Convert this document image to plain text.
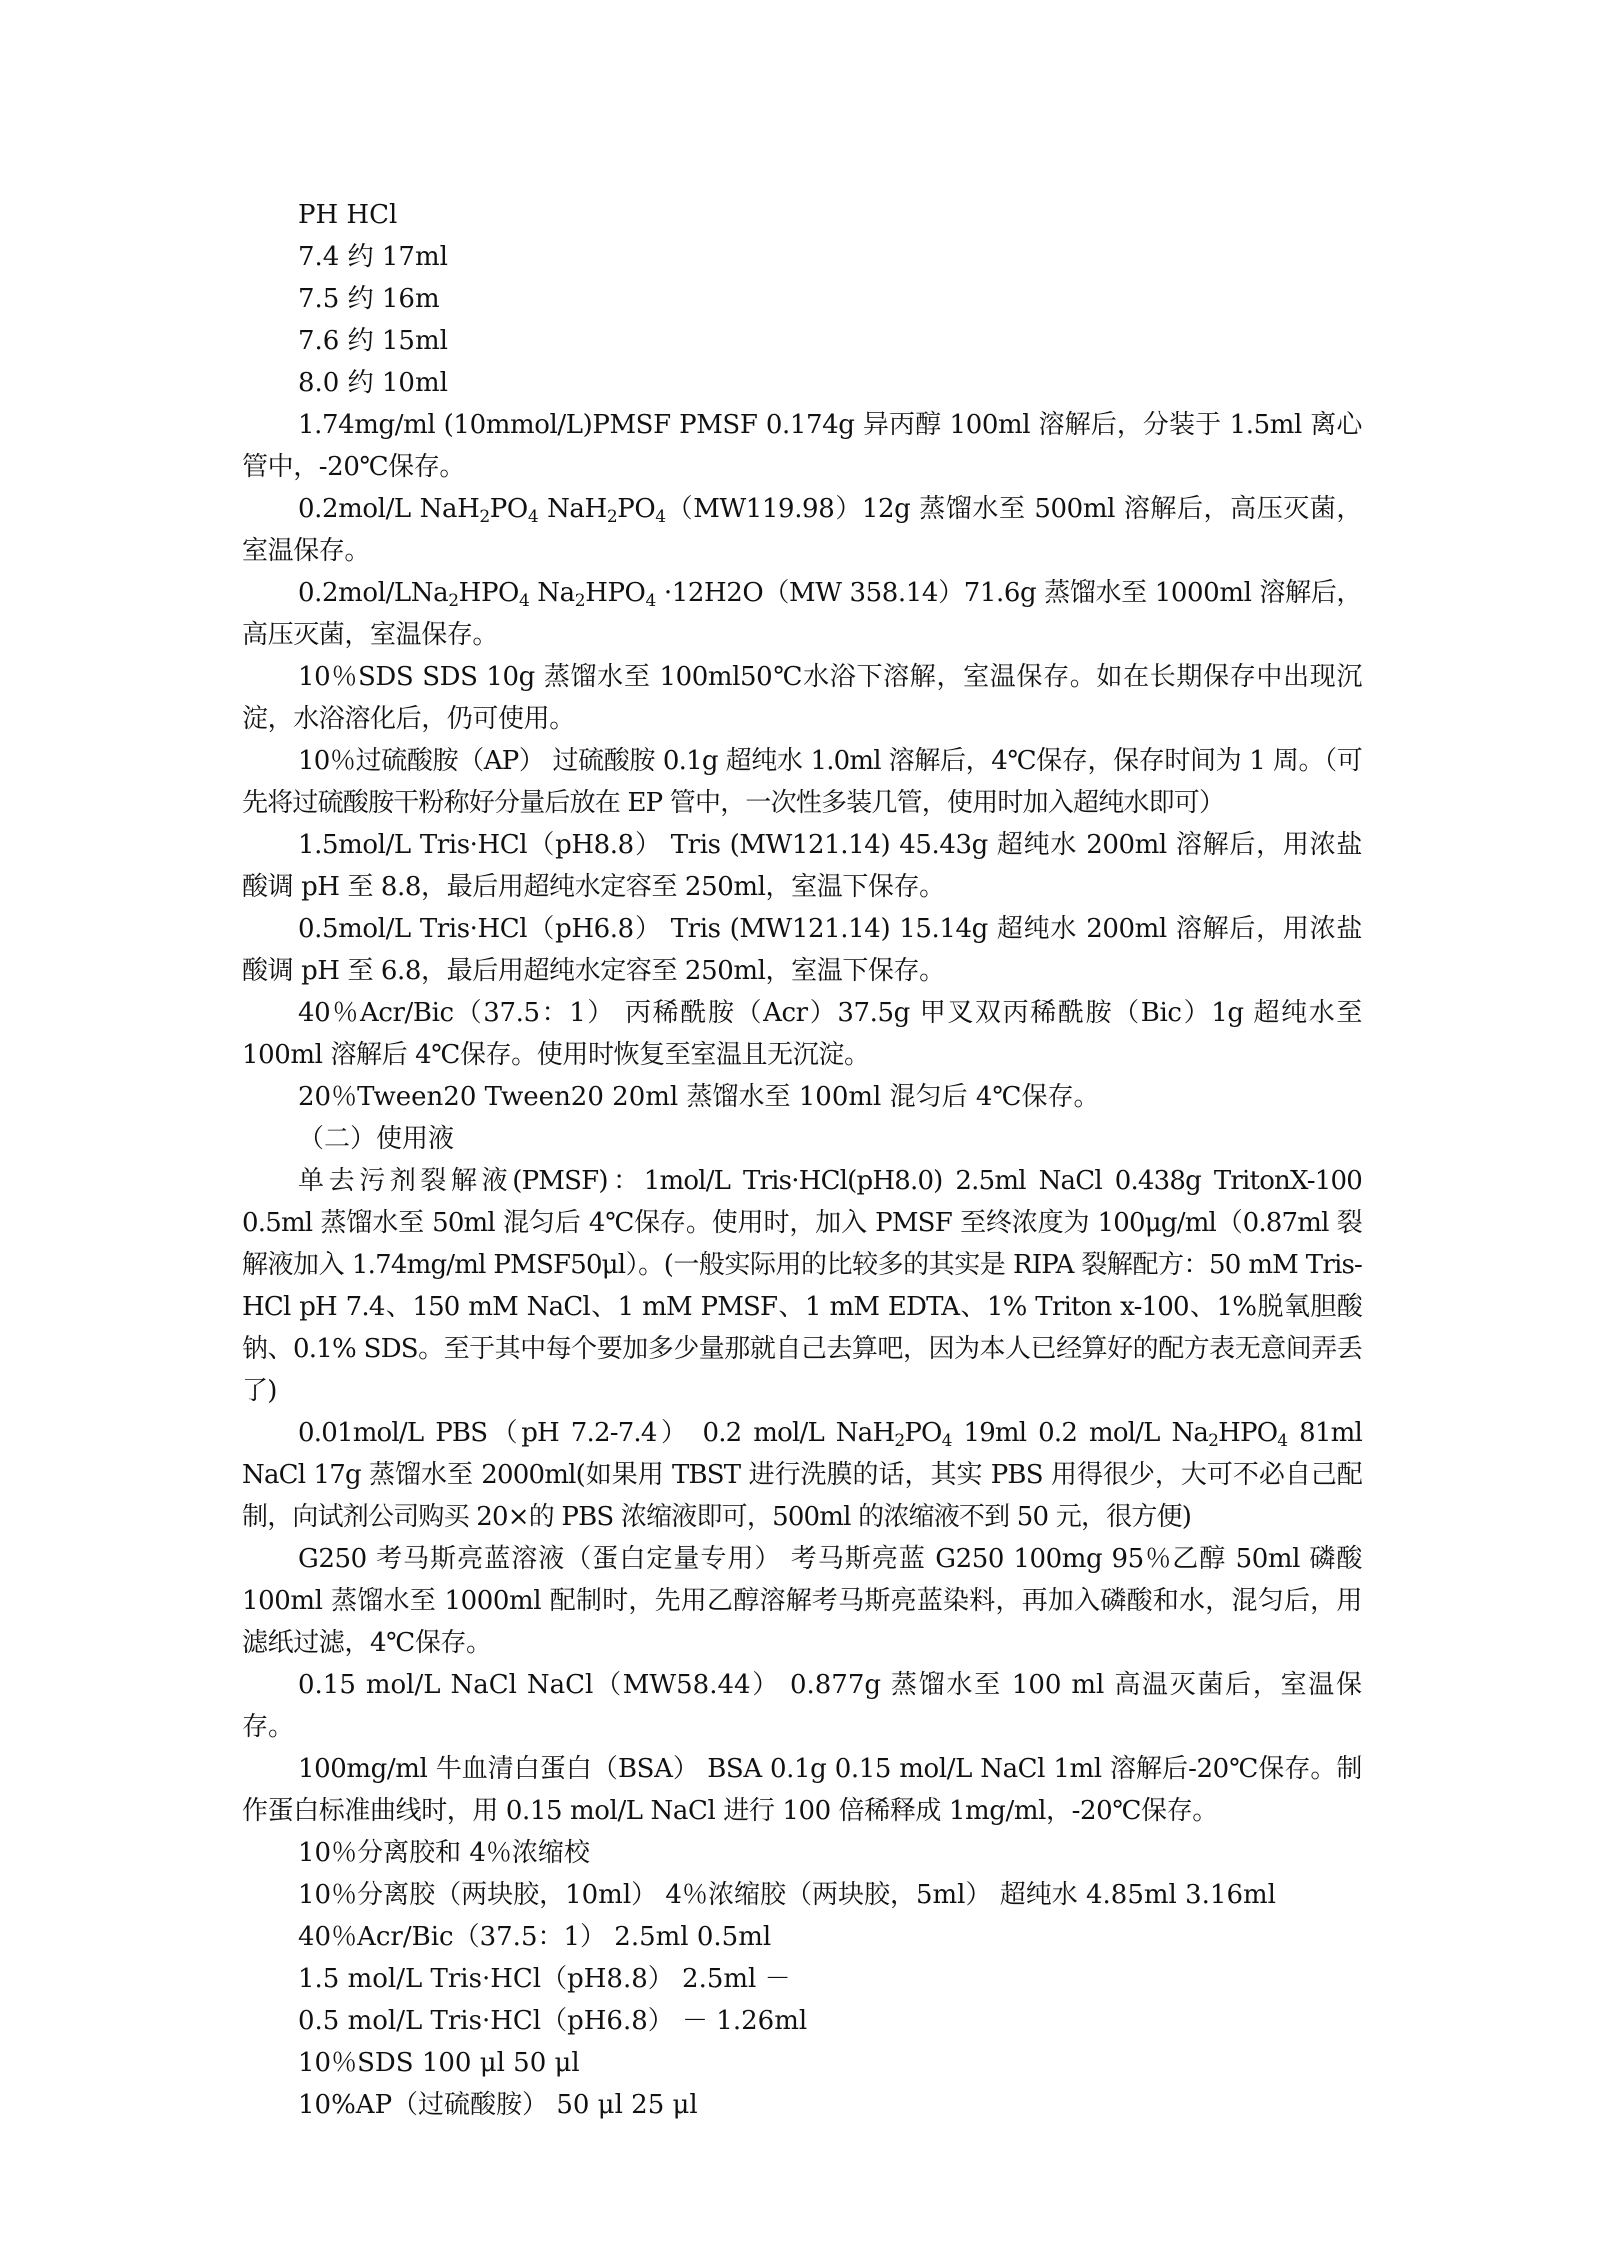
PH HCl

7.4 约 17ml

7.5 约 16m

7.6 约 15ml

8.0 约 10ml

1.74mg/ml (10mmol/L)PMSF PMSF 0.174g 异丙醇 100ml 溶解后，分装于 1.5ml 离心管中，-20℃保存。

0.2mol/L $NaH_2PO_4$ $NaH_2PO_4(MW119.98)12g$ 蒸馏水至 500ml 溶解后，高压灭菌，室温保存。

$0.2mol/LNa_2HPO_4$ $Na_2HPO_4 \cdot 12H2O(MW$ 358.14）71.6g 蒸馏水至 1000ml 溶解后，高压灭菌，室温保存。

10％SDS SDS 10g 蒸馏水至 100ml50℃水浴下溶解，室温保存。如在长期保存中出现沉淀，水浴溶化后，仍可使用。

10％过硫酸胺（AP） 过硫酸胺 0.1g 超纯水 1.0ml 溶解后，4℃保存，保存时间为 1 周。（可先将过硫酸胺干粉称好分量后放在 EP 管中，一次性多装几管，使用时加入超纯水即可）

1.5mol/L Tris·HCl（pH8.8） Tris (MW121.14) 45.43g 超纯水 200ml 溶解后，用浓盐酸调 pH 至 8.8，最后用超纯水定容至 250ml，室温下保存。

0.5mol/L Tris·HCl（pH6.8） Tris (MW121.14) 15.14g 超纯水 200ml 溶解后，用浓盐酸调 pH 至 6.8，最后用超纯水定容至 250ml，室温下保存。

40％Acr/Bic（37.5：1） 丙稀酰胺（Acr）37.5g 甲叉双丙稀酰胺（Bic）1g 超纯水至 100ml 溶解后 4℃保存。使用时恢复至室温且无沉淀。

20％Tween20 Tween20 20ml 蒸馏水至 100ml 混匀后 4℃保存。

（二）使用液

单去污剂裂解液(PMSF)：1mol/L Tris·HCl(pH8.0) 2.5ml NaCl 0.438g TritonX-100 0.5ml 蒸馏水至 50ml 混匀后 4℃保存。使用时，加入 PMSF 至终浓度为 100μg/ml（0.87ml 裂解液加入 1.74mg/ml PMSF50μl）。(一般实际用的比较多的其实是 RIPA 裂解配方：50 mM Tris-HCl pH 7.4、150 mM NaCl、1 mM PMSF、1 mM EDTA、1% Triton x-100、1%脱氧胆酸钠、0.1% SDS。至于其中每个要加多少量那就自己去算吧，因为本人已经算好的配方表无意间弄丢了)

0.01mol/L PBS（pH 7.2-7.4） 0.2 mol/L $NaH_2PO_4$ 19ml 0.2 mol/L $Na_2HPO_4$ 81ml NaCl 17g 蒸馏水至 2000ml(如果用 TBST 进行洗膜的话，其实 PBS 用得很少，大可不必自己配制，向试剂公司购买 20×的 PBS 浓缩液即可，500ml 的浓缩液不到 50 元，很方便)

G250 考马斯亮蓝溶液（蛋白定量专用） 考马斯亮蓝 G250 100mg 95％乙醇 50ml 磷酸 100ml 蒸馏水至 1000ml 配制时，先用乙醇溶解考马斯亮蓝染料，再加入磷酸和水，混匀后，用滤纸过滤，4℃保存。

0.15 mol/L NaCl NaCl（MW58.44） 0.877g 蒸馏水至 100 ml 高温灭菌后，室温保存。

100mg/ml 牛血清白蛋白（BSA） BSA 0.1g 0.15 mol/L NaCl 1ml 溶解后-20℃保存。制作蛋白标准曲线时，用 0.15 mol/L NaCl 进行 100 倍稀释成 1mg/ml，-20℃保存。

10％分离胶和 4％浓缩校

10％分离胶（两块胶，10ml） 4％浓缩胶（两块胶，5ml） 超纯水 4.85ml 3.16ml

40％Acr/Bic（37.5：1） 2.5ml 0.5ml

1.5 mol/L Tris·HCl（pH8.8） 2.5ml －

0.5 mol/L Tris·HCl（pH6.8） － 1.26ml

10％SDS 100 μl 50 μl

10%AP（过硫酸胺） 50 μl 25 μl
